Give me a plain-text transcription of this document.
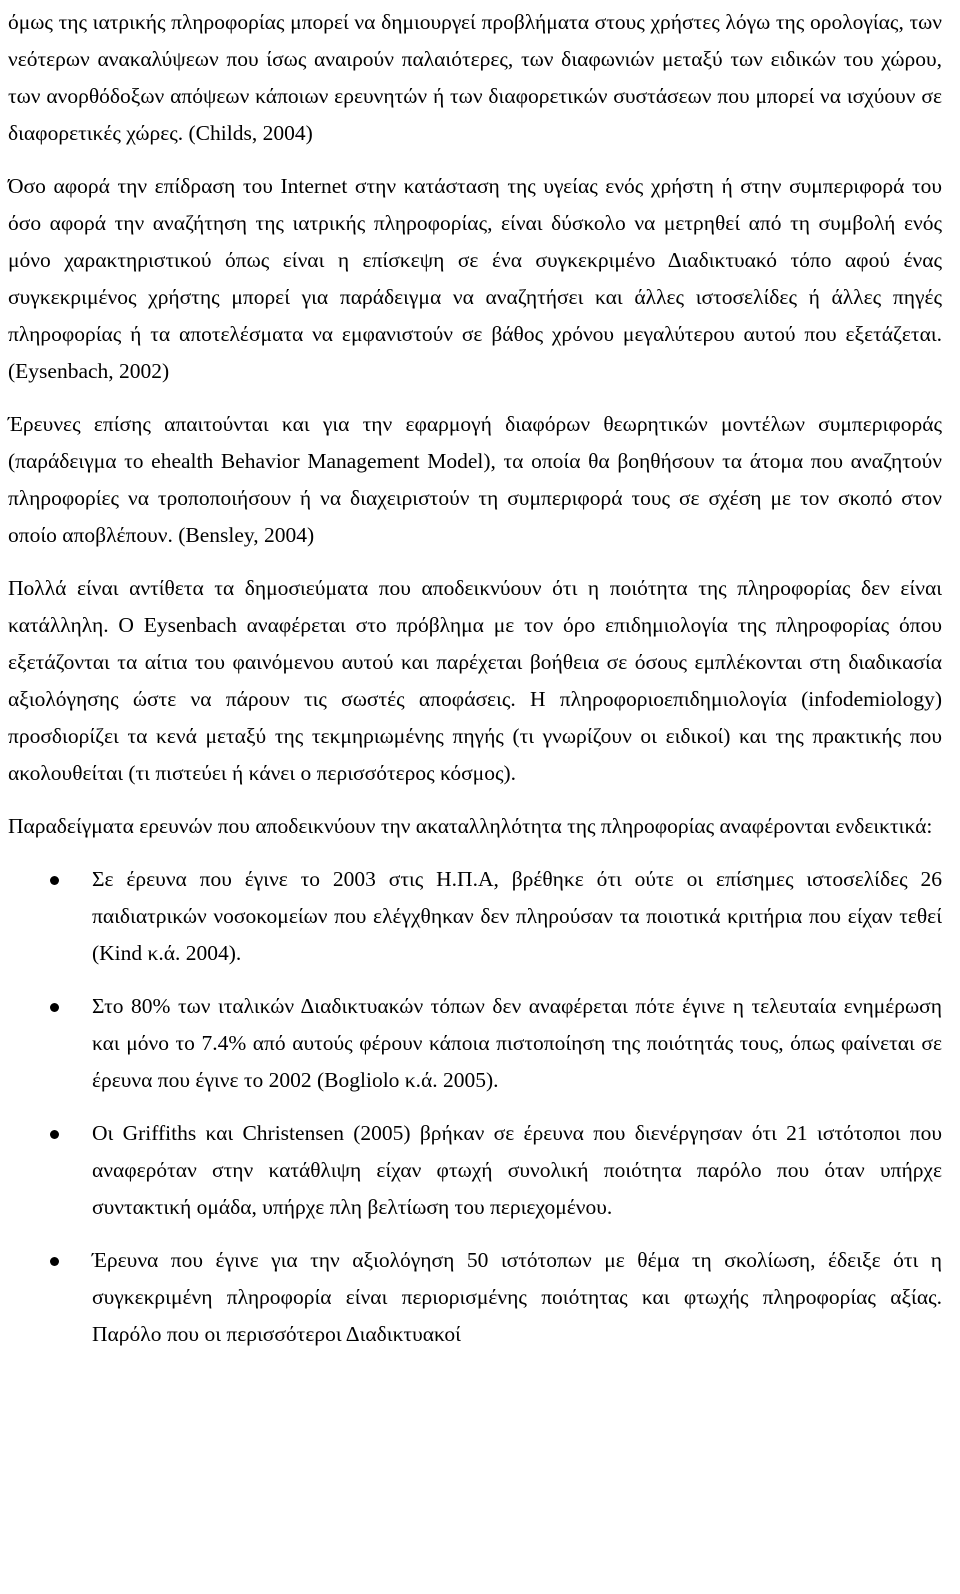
όμως της ιατρικής πληροφορίας μπορεί να δημιουργεί προβλήματα στους χρήστες λόγω της ορολογίας, των νεότερων ανακαλύψεων που ίσως αναιρούν παλαιότερες, των διαφωνιών μεταξύ των ειδικών του χώρου, των ανορθόδοξων απόψεων κάποιων ερευνητών ή των διαφορετικών συστάσεων που μπορεί να ισχύουν σε διαφορετικές χώρες. (Childs, 2004)

Όσο αφορά την επίδραση του Internet στην κατάσταση της υγείας ενός χρήστη ή στην συμπεριφορά του όσο αφορά την αναζήτηση της ιατρικής πληροφορίας, είναι δύσκολο να μετρηθεί από τη συμβολή ενός μόνο χαρακτηριστικού όπως είναι η επίσκεψη σε ένα συγκεκριμένο Διαδικτυακό τόπο αφού ένας συγκεκριμένος χρήστης μπορεί για παράδειγμα να αναζητήσει και άλλες ιστοσελίδες ή άλλες πηγές πληροφορίας ή τα αποτελέσματα να εμφανιστούν σε βάθος χρόνου μεγαλύτερου αυτού που εξετάζεται. (Eysenbach, 2002)

Έρευνες επίσης απαιτούνται και για την εφαρμογή διαφόρων θεωρητικών μοντέλων συμπεριφοράς (παράδειγμα το ehealth Behavior Management Model), τα οποία θα βοηθήσουν τα άτομα που αναζητούν πληροφορίες να τροποποιήσουν ή να διαχειριστούν τη συμπεριφορά τους σε σχέση με τον σκοπό στον οποίο αποβλέπουν. (Bensley, 2004)

Πολλά είναι αντίθετα τα δημοσιεύματα που αποδεικνύουν ότι η ποιότητα της πληροφορίας δεν είναι κατάλληλη. Ο Eysenbach αναφέρεται στο πρόβλημα με τον όρο επιδημιολογία της πληροφορίας όπου εξετάζονται τα αίτια του φαινόμενου αυτού και παρέχεται βοήθεια σε όσους εμπλέκονται στη διαδικασία αξιολόγησης ώστε να πάρουν τις σωστές αποφάσεις. Η πληροφοριοεπιδημιολογία (infodemiology) προσδιορίζει τα κενά μεταξύ της τεκμηριωμένης πηγής (τι γνωρίζουν οι ειδικοί) και της πρακτικής που ακολουθείται (τι πιστεύει ή κάνει ο περισσότερος κόσμος).

Παραδείγματα ερευνών που αποδεικνύουν την ακαταλληλότητα της πληροφορίας αναφέρονται ενδεικτικά:

Σε έρευνα που έγινε το 2003 στις Η.Π.Α, βρέθηκε ότι ούτε οι επίσημες ιστοσελίδες 26 παιδιατρικών νοσοκομείων που ελέγχθηκαν δεν πληρούσαν τα ποιοτικά κριτήρια που είχαν τεθεί (Kind κ.ά. 2004).
Στο 80% των ιταλικών Διαδικτυακών τόπων δεν αναφέρεται πότε έγινε η τελευταία ενημέρωση και μόνο το 7.4% από αυτούς φέρουν κάποια πιστοποίηση της ποιότητάς τους, όπως φαίνεται σε έρευνα που έγινε το 2002 (Bogliolo κ.ά. 2005).
Οι Griffiths και Christensen (2005) βρήκαν σε έρευνα που διενέργησαν ότι 21 ιστότοποι που αναφερόταν στην κατάθλιψη είχαν φτωχή συνολική ποιότητα παρόλο που όταν υπήρχε συντακτική ομάδα, υπήρχε πλη βελτίωση του περιεχομένου.
Έρευνα που έγινε για την αξιολόγηση 50 ιστότοπων με θέμα τη σκολίωση, έδειξε ότι η συγκεκριμένη πληροφορία είναι περιορισμένης ποιότητας και φτωχής πληροφορίας αξίας. Παρόλο που οι περισσότεροι Διαδικτυακοί
